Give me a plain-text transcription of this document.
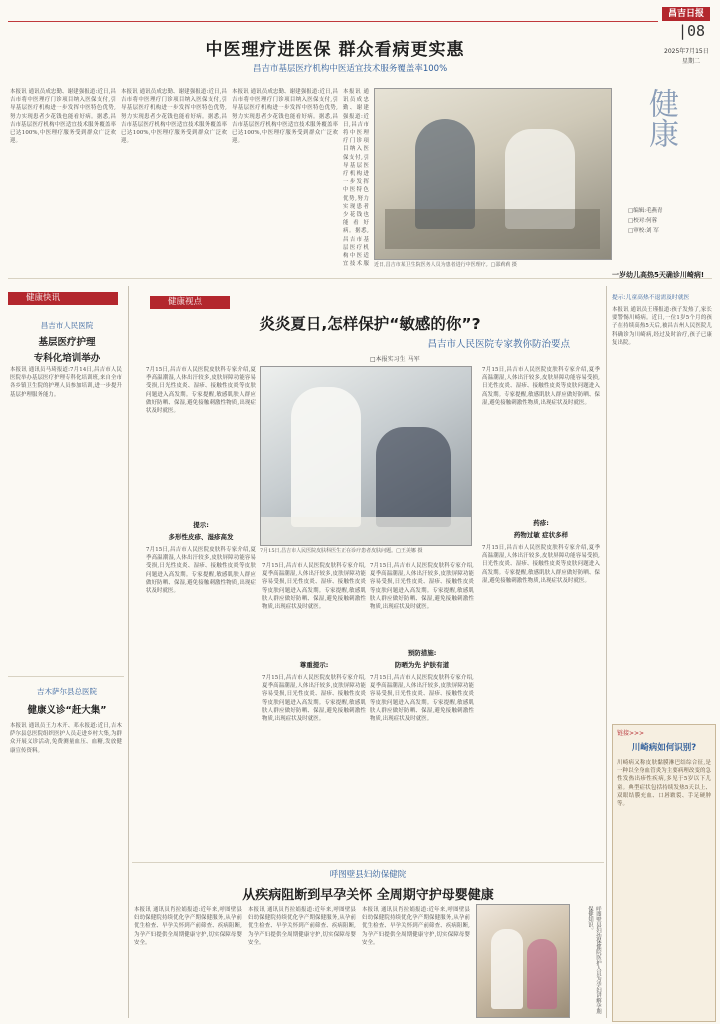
昌吉日报
|08
2025年7月15日
星期二
中医理疗进医保 群众看病更实惠
昌吉市基层医疗机构中医适宜技术服务覆盖率100%
本报讯 通讯员成忠勤、谢建强报道:近日,昌吉市将中医理疗门诊项目纳入医保支付,引导基层医疗机构进一步发挥中医特色优势,努力实现患者少花钱也能看好病。据悉,昌吉市基层医疗机构中医适宜技术服务覆盖率已达100%,中医理疗服务受到群众广泛欢迎。
本报讯 通讯员成忠勤、谢建强报道:近日,昌吉市将中医理疗门诊项目纳入医保支付,引导基层医疗机构进一步发挥中医特色优势,努力实现患者少花钱也能看好病。据悉,昌吉市基层医疗机构中医适宜技术服务覆盖率已达100%,中医理疗服务受到群众广泛欢迎。
本报讯 通讯员成忠勤、谢建强报道:近日,昌吉市将中医理疗门诊项目纳入医保支付,引导基层医疗机构进一步发挥中医特色优势,努力实现患者少花钱也能看好病。据悉,昌吉市基层医疗机构中医适宜技术服务覆盖率已达100%,中医理疗服务受到群众广泛欢迎。
本报讯 通讯员成忠勤、谢建强报道:近日,昌吉市将中医理疗门诊项目纳入医保支付,引导基层医疗机构进一步发挥中医特色优势,努力实现患者少花钱也能看好病。据悉,昌吉市基层医疗机构中医适宜技术服 近日,昌吉市某卫生院医务人员为患者进行中医理疗。□邵莉莉 摄
健康
□编辑:毛燕青
□校对:何蓉
□审校:刘 军
一岁幼儿高热5天确诊川崎病!
提示:儿童高热不退需及时就医
本报讯 通讯员王瑾报道:孩子发热了,家长要警惕川崎病。近日,一位1岁5个月的孩子在持续高热5天后,被昌吉州人民医院儿科确诊为川崎病,经过及时治疗,孩子已康复出院。
健康快讯
昌吉市人民医院
基层医疗护理
专科化培训举办
本报讯 通讯员马琦报道:7月14日,昌吉市人民医院举办基层医疗护理专科化培训班,来自全市各乡镇卫生院的护理人员参加培训,进一步提升基层护理服务能力。
吉木萨尔县总医院
健康义诊“赶大集”
本报讯 通讯员王力木开、邓永报道:近日,吉木萨尔县总医院组织医护人员走进乡村大集,为群众开展义诊活动,免费测量血压、血糖,发放健康宣传资料。
健康视点
炎炎夏日,怎样保护“敏感的你”?
昌吉市人民医院专家教你防治要点
□本报实习生 马军
7月15日,昌吉市人民医院皮肤科专家介绍,夏季高温潮湿,人体出汗较多,皮肤屏障功能容易受损,日光性皮炎、湿疹、接触性皮炎等皮肤问题进入高发期。专家提醒,敏感肌肤人群应做好防晒、保湿,避免接触刺激性物质,出现症状及时就医。
7月15日,昌吉市人民医院皮肤科医生正在诊疗患者皮肤问题。□王美娜 摄
提示:
多形性皮疹、湿疹高发
7月15日,昌吉市人民医院皮肤科专家介绍,夏季高温潮湿,人体出汗较多,皮肤屏障功能容易受损,日光性皮炎、湿疹、接触性皮炎等皮肤问题进入高发期。专家提醒,敏感肌肤人群应做好防晒、保湿,避免接触刺激性物质,出现症状及时就医。
7月15日,昌吉市人民医院皮肤科专家介绍,夏季高温潮湿,人体出汗较多,皮肤屏障功能容易受损,日光性皮炎、湿疹、接触性皮炎等皮肤问题进入高发期。专家提醒,敏感肌肤人群应做好防晒、保湿,避免接触刺激性物质,出现症状及时就医。
尊重提示:
7月15日,昌吉市人民医院皮肤科专家介绍,夏季高温潮湿,人体出汗较多,皮肤屏障功能容易受损,日光性皮炎、湿疹、接触性皮炎等皮肤问题进入高发期。专家提醒,敏感肌肤人群应做好防晒、保湿,避免接触刺激性物质,出现症状及时就医。
7月15日,昌吉市人民医院皮肤科专家介绍,夏季高温潮湿,人体出汗较多,皮肤屏障功能容易受损,日光性皮炎、湿疹、接触性皮炎等皮肤问题进入高发期。专家提醒,敏感肌肤人群应做好防晒、保湿,避免接触刺激性物质,出现症状及时就医。
预防措施:
防晒为先 护肤有道
7月15日,昌吉市人民医院皮肤科专家介绍,夏季高温潮湿,人体出汗较多,皮肤屏障功能容易受损,日光性皮炎、湿疹、接触性皮炎等皮肤问题进入高发期。专家提醒,敏感肌肤人群应做好防晒、保湿,避免接触刺激性物质,出现症状及时就医。
7月15日,昌吉市人民医院皮肤科专家介绍,夏季高温潮湿,人体出汗较多,皮肤屏障功能容易受损,日光性皮炎、湿疹、接触性皮炎等皮肤问题进入高发期。专家提醒,敏感肌肤人群应做好防晒、保湿,避免接触刺激性物质,出现症状及时就医。
药疹:
药物过敏 症状多样
7月15日,昌吉市人民医院皮肤科专家介绍,夏季高温潮湿,人体出汗较多,皮肤屏障功能容易受损,日光性皮炎、湿疹、接触性皮炎等皮肤问题进入高发期。专家提醒,敏感肌肤人群应做好防晒、保湿,避免接触刺激性物质,出现症状及时就医。
链接>>>
川崎病如何识别?
川崎病又称皮肤黏膜淋巴结综合征,是一种以全身血管炎为主要病理改变的急性发热出疹性疾病,多见于5岁以下儿童。典型症状包括持续发热5天以上、双眼结膜充血、口唇皲裂、手足硬肿等。
呼图壁县妇幼保健院
从疾病阻断到早孕关怀 全周期守护母婴健康
本报讯 通讯员肖拉娟报道:近年来,呼图壁县妇幼保健院持续优化孕产期保健服务,从孕前优生检查、早孕关怀到产前筛查、疾病阻断,为孕产妇提供全周期健康守护,切实保障母婴安全。
本报讯 通讯员肖拉娟报道:近年来,呼图壁县妇幼保健院持续优化孕产期保健服务,从孕前优生检查、早孕关怀到产前筛查、疾病阻断,为孕产妇提供全周期健康守护,切实保障母婴安全。
本报讯 通讯员肖拉娟报道:近年来,呼图壁县妇幼保健院持续优化孕产期保健服务,从孕前优生检查、早孕关怀到产前筛查、疾病阻断,为孕产妇提供全周期健康守护,切实保障母婴安全。	呼图壁县妇幼保健院医护人员为孕妇讲解孕期保健知识。
